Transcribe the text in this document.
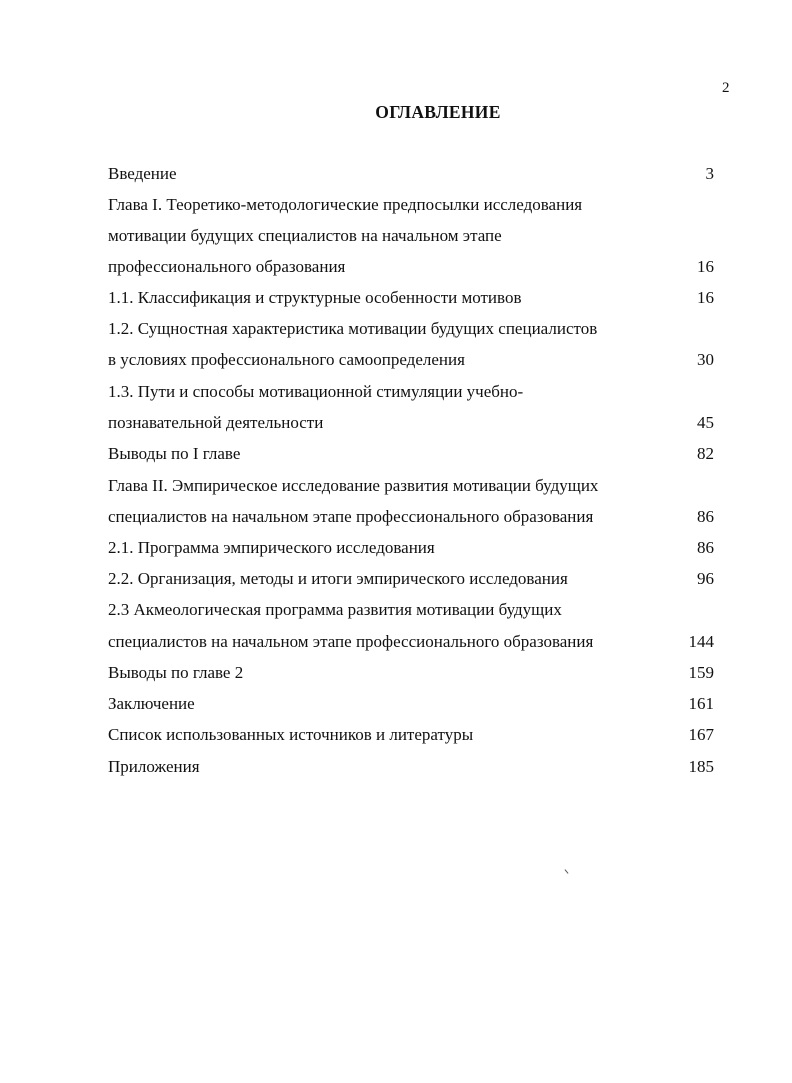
2
ОГЛАВЛЕНИЕ
Введение	3
Глава I. Теоретико-методологические предпосылки исследования
мотивации будущих специалистов на начальном этапе
профессионального образования	16
1.1. Классификация и структурные особенности мотивов	16
1.2. Сущностная характеристика мотивации будущих специалистов
в условиях профессионального самоопределения	30
1.3. Пути и способы мотивационной стимуляции учебно-
познавательной деятельности	45
Выводы по I главе	82
Глава II. Эмпирическое исследование развития мотивации будущих
специалистов на начальном этапе профессионального образования	86
2.1. Программа эмпирического исследования	86
2.2. Организация, методы и итоги эмпирического исследования	96
2.3 Акмеологическая программа развития мотивации будущих
специалистов на начальном этапе профессионального образования	144
Выводы по главе 2	159
Заключение	161
Список использованных источников и литературы	167
Приложения	185
